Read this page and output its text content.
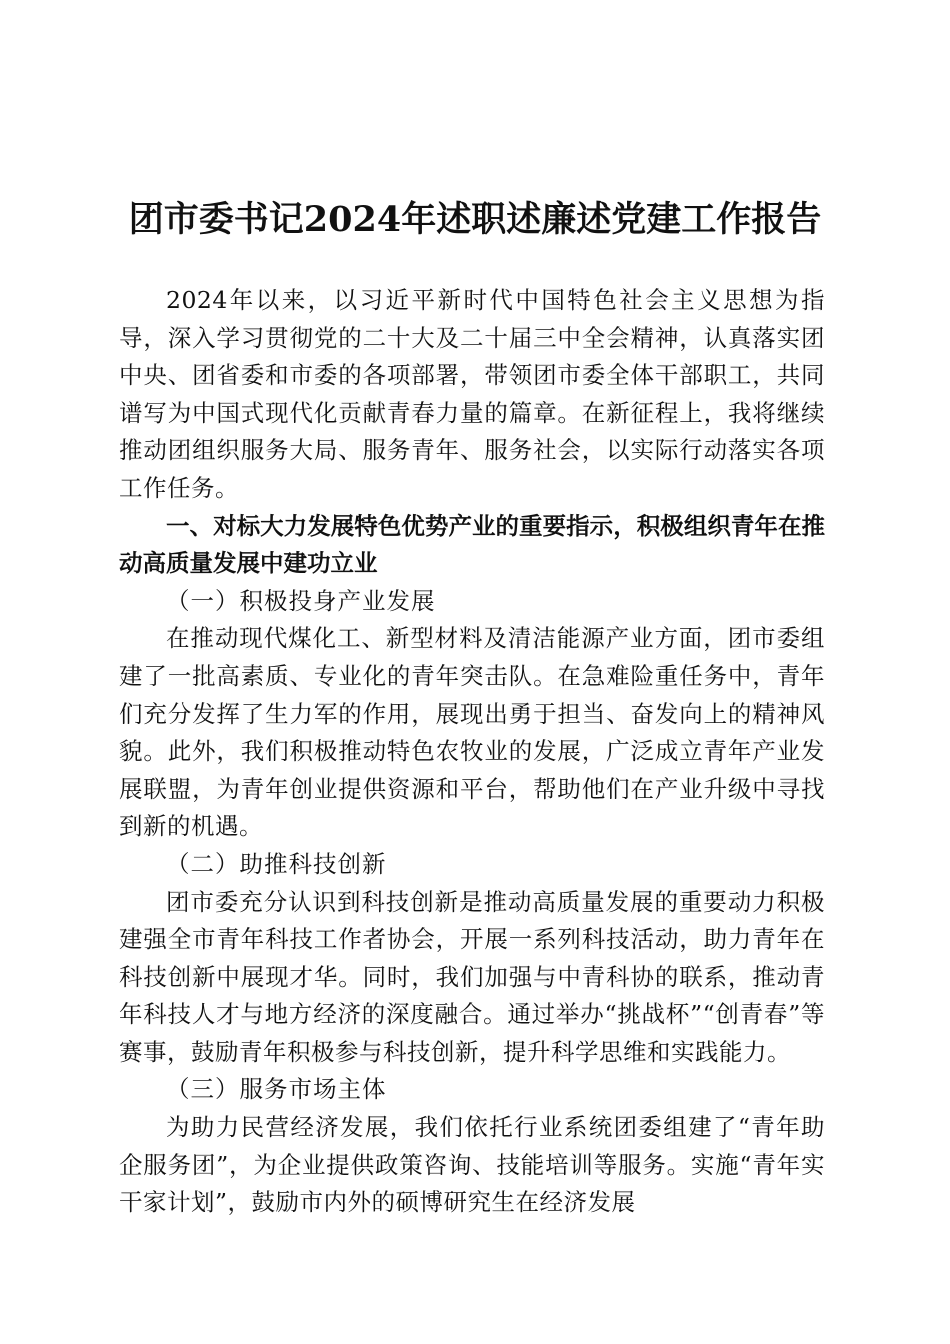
团市委书记2024年述职述廉述党建工作报告

2024年以来，以习近平新时代中国特色社会主义思想为指导，深入学习贯彻党的二十大及二十届三中全会精神，认真落实团中央、团省委和市委的各项部署，带领团市委全体干部职工，共同谱写为中国式现代化贡献青春力量的篇章。在新征程上，我将继续推动团组织服务大局、服务青年、服务社会，以实际行动落实各项工作任务。

一、对标大力发展特色优势产业的重要指示，积极组织青年在推动高质量发展中建功立业

（一）积极投身产业发展

在推动现代煤化工、新型材料及清洁能源产业方面，团市委组建了一批高素质、专业化的青年突击队。在急难险重任务中，青年们充分发挥了生力军的作用，展现出勇于担当、奋发向上的精神风貌。此外，我们积极推动特色农牧业的发展，广泛成立青年产业发展联盟，为青年创业提供资源和平台，帮助他们在产业升级中寻找到新的机遇。

（二）助推科技创新

团市委充分认识到科技创新是推动高质量发展的重要动力积极建强全市青年科技工作者协会，开展一系列科技活动，助力青年在科技创新中展现才华。同时，我们加强与中青科协的联系，推动青年科技人才与地方经济的深度融合。通过举办“挑战杯”“创青春”等赛事，鼓励青年积极参与科技创新，提升科学思维和实践能力。

（三）服务市场主体

为助力民营经济发展，我们依托行业系统团委组建了“青年助企服务团”，为企业提供政策咨询、技能培训等服务。实施“青年实干家计划”，鼓励市内外的硕博研究生在经济发展
